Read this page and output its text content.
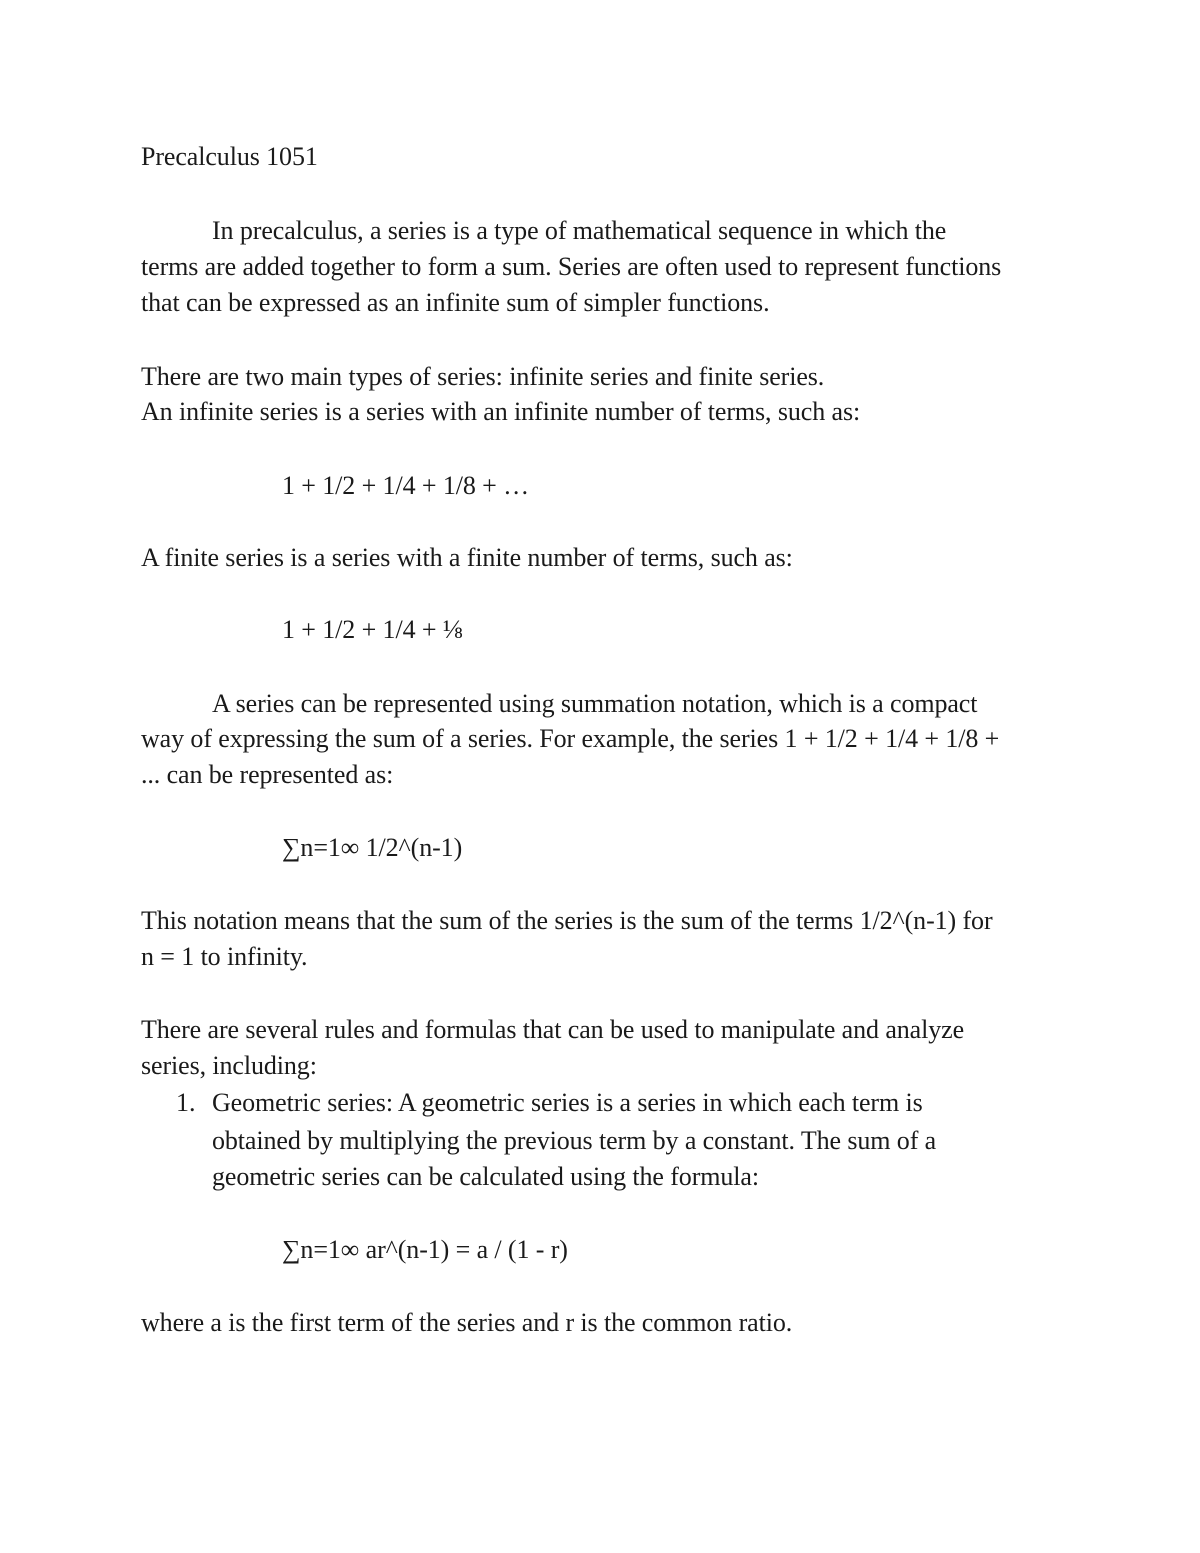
Precalculus 1051
In precalculus, a series is a type of mathematical sequence in which the
terms are added together to form a sum. Series are often used to represent functions
that can be expressed as an infinite sum of simpler functions.
There are two main types of series: infinite series and finite series.
An infinite series is a series with an infinite number of terms, such as:
1 + 1/2 + 1/4 + 1/8 + …
A finite series is a series with a finite number of terms, such as:
1 + 1/2 + 1/4 + ⅛
A series can be represented using summation notation, which is a compact
way of expressing the sum of a series. For example, the series 1 + 1/2 + 1/4 + 1/8 +
... can be represented as:
∑n=1∞ 1/2^(n-1)
This notation means that the sum of the series is the sum of the terms 1/2^(n-1) for
n = 1 to infinity.
There are several rules and formulas that can be used to manipulate and analyze
series, including:
1. Geometric series: A geometric series is a series in which each term is
obtained by multiplying the previous term by a constant. The sum of a
geometric series can be calculated using the formula:
∑n=1∞ ar^(n-1) = a / (1 - r)
where a is the first term of the series and r is the common ratio.
